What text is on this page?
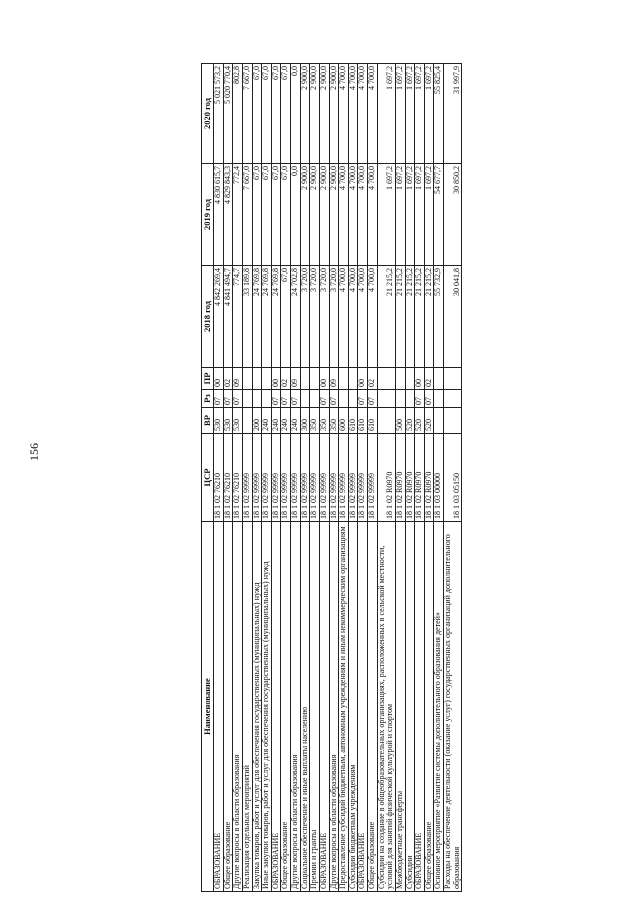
156
Наименование	ЦСР	ВР	Рз	ПР	2018 год	2019 год	2020 год
ОБРАЗОВАНИЕ	18 1 02 76210	530	07	00	4 842 269,4	4 830 615,7	5 021 573,2
Общее образование	18 1 02 76210	530	07	02	4 841 494,7	4 829 843,3	5 020 770,4
Другие вопросы в области образования	18 1 02 76210	530	07	09	774,7	772,4	802,8
Реализация отдельных мероприятий	18 1 02 99999				33 189,8	7 667,0	7 667,0
Закупка товаров, работ и услуг для обеспечения государственных (муниципальных) нужд	18 1 02 99999	200			24 769,8	67,0	67,0
Иные закупки товаров, работ и услуг для обеспечения государственных (муниципальных) нужд	18 1 02 99999	240			24 769,8	67,0	67,0
ОБРАЗОВАНИЕ	18 1 02 99999	240	07	00	24 769,8	67,0	67,0
Общее образование	18 1 02 99999	240	07	02	67,0	67,0	67,0
Другие вопросы в области образования	18 1 02 99999	240	07	09	24 702,8	0,0	0,0
Социальное обеспечение и иные выплаты населению	18 1 02 99999	300			3 720,0	2 900,0	2 900,0
Премии и гранты	18 1 02 99999	350			3 720,0	2 900,0	2 900,0
ОБРАЗОВАНИЕ	18 1 02 99999	350	07	00	3 720,0	2 900,0	2 900,0
Другие вопросы в области образования	18 1 02 99999	350	07	09	3 720,0	2 900,0	2 900,0
Предоставление субсидий бюджетным, автономным учреждениям и иным некоммерческим организациям	18 1 02 99999	600			4 700,0	4 700,0	4 700,0
Субсидии бюджетным учреждениям	18 1 02 99999	610			4 700,0	4 700,0	4 700,0
ОБРАЗОВАНИЕ	18 1 02 99999	610	07	00	4 700,0	4 700,0	4 700,0
Общее образование	18 1 02 99999	610	07	02	4 700,0	4 700,0	4 700,0
Субсидии на создание в общеобразовательных организациях, расположенных в сельской местности, условий для занятий физической культурой и спортом	18 1 02 R0970				21 215,2	1 697,2	1 697,2
Межбюджетные трансферты	18 1 02 R0970	500			21 215,2	1 697,2	1 697,2
Субсидии	18 1 02 R0970	520			21 215,2	1 697,2	1 697,2
ОБРАЗОВАНИЕ	18 1 02 R0970	520	07	00	21 215,2	1 697,2	1 697,2
Общее образование	18 1 02 R0970	520	07	02	21 215,2	1 697,2	1 697,2
Основное мероприятие «Развитие системы дополнительного образования детей»	18 1 03 00000				55 732,9	54 677,7	55 825,4
Расходы на обеспечение деятельности (оказание услуг) государственных организаций дополнительного образования	18 1 03 05150				30 041,8	30 850,2	31 997,9
